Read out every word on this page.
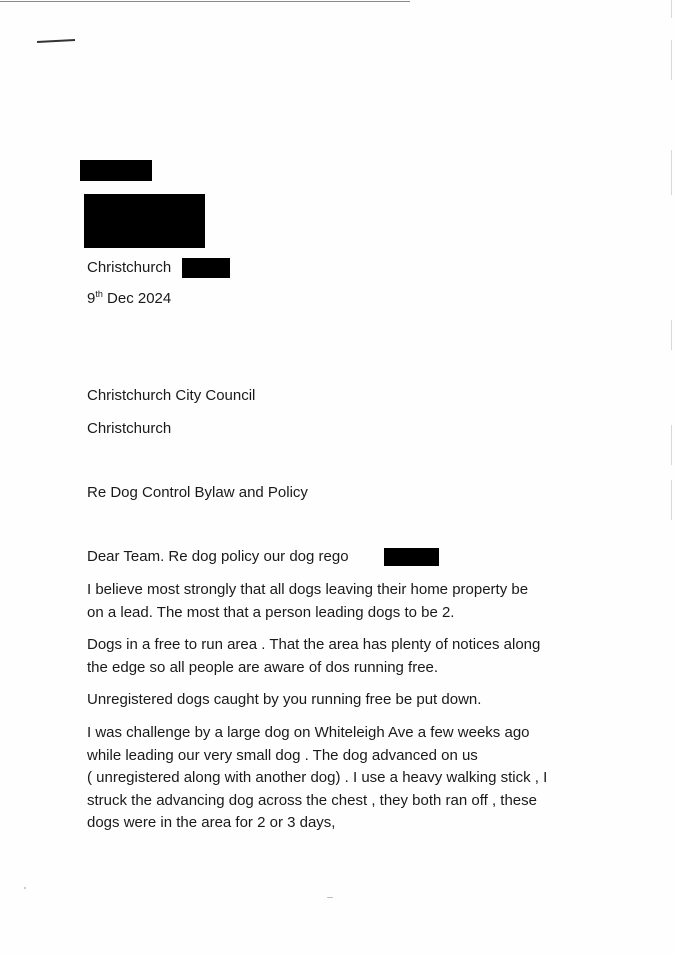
Christchurch
9th Dec 2024
Christchurch City Council
Christchurch
Re Dog Control Bylaw and Policy
Dear Team. Re dog policy our dog rego
I believe most strongly that all dogs leaving their home property be
on a lead. The most that a person leading dogs to be 2.
Dogs in a free to run area . That the area has plenty of notices along
the edge so all people are aware of dos running free.
Unregistered dogs caught by you running free be put down.
I was challenge by a large dog on Whiteleigh Ave a few weeks ago
while leading our very small dog . The dog advanced on us
( unregistered along with another dog) . I use a heavy walking stick , I
struck the advancing dog across the chest , they both ran off , these
dogs were in the area for 2 or 3 days,
